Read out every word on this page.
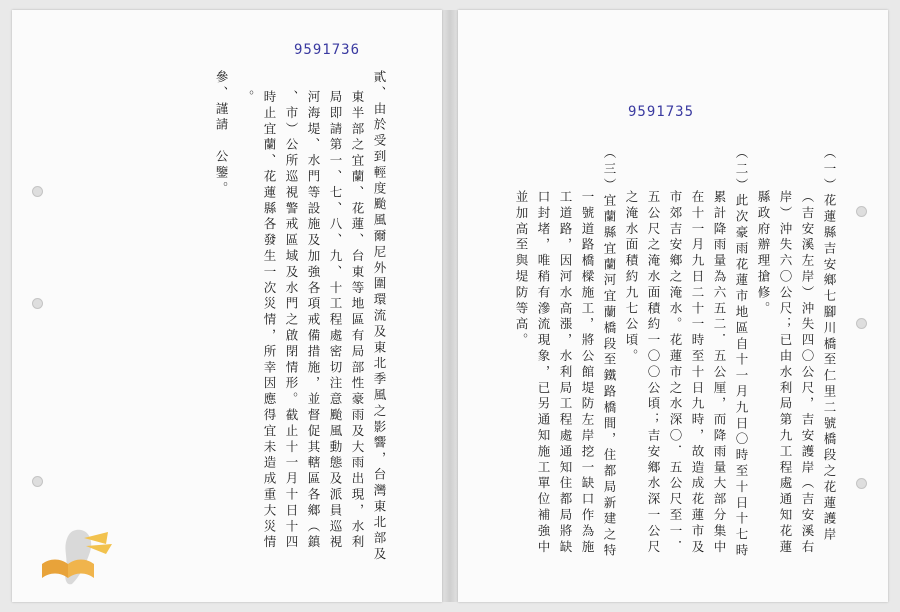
9591736
貳、由於受到輕度颱風爾尼外圍環流及東北季風之影響，台灣東北部及
東半部之宜蘭、花蓮、台東等地區有局部性豪雨及大雨出現，水利
局即請第一、七、八、九、十工程處密切注意颱風動態及派員巡視
河海堤、水門等設施及加強各項戒備措施，並督促其轄區各鄉（鎮
、市）公所巡視警戒區域及水門之啟閉情形。截止十一月十日十四
時止宜蘭、花蓮縣各發生一次災情，所幸因應得宜未造成重大災情
。
參、謹請　公鑒。	9591735
（一）花蓮縣吉安鄉七腳川橋至仁里二號橋段之花蓮護岸
（吉安溪左岸）沖失四〇公尺，吉安護岸（吉安溪右
岸）沖失六〇公尺；已由水利局第九工程處通知花蓮
縣政府辦理搶修。
（二）此次豪雨花蓮市地區自十一月九日〇時至十日十七時
累計降雨量為六五二．五公厘，而降雨量大部分集中
在十一月九日二十一時至十日九時，故造成花蓮市及
市郊吉安鄉之淹水。花蓮市之水深〇．五公尺至一．
五公尺之淹水面積約一〇〇公頃；吉安鄉水深一公尺
之淹水面積約九七公頃。
（三）宜蘭縣宜蘭河宜蘭橋段至鐵路橋間，住都局新建之特
一號道路橋樑施工，將公館堤防左岸挖一缺口作為施
工道路，因河水高漲，水利局工程處通知住都局將缺
口封堵，唯稍有滲流現象，已另通知施工單位補強中
並加高至與堤防等高。
